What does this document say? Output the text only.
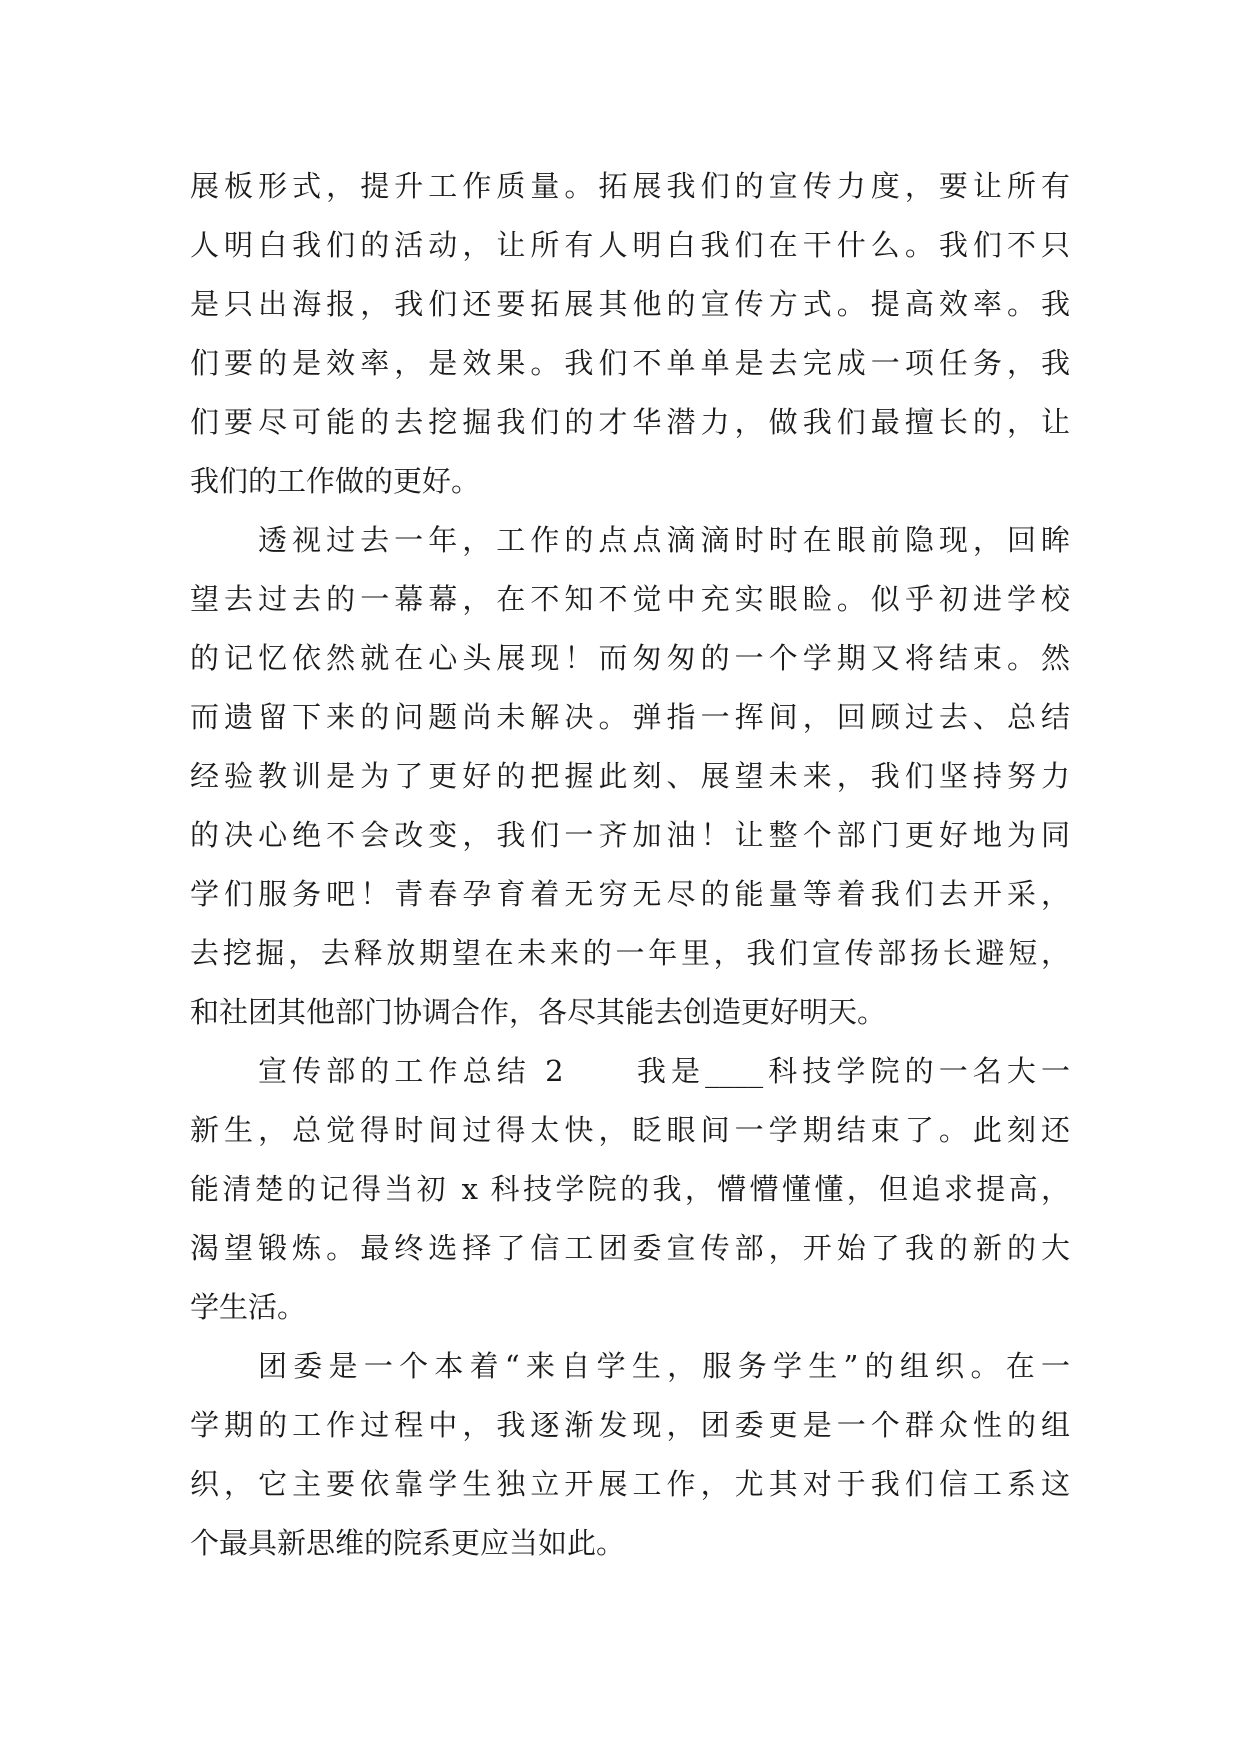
展板形式，提升工作质量。拓展我们的宣传力度，要让所有
人明白我们的活动，让所有人明白我们在干什么。我们不只
是只出海报，我们还要拓展其他的宣传方式。提高效率。我
们要的是效率，是效果。我们不单单是去完成一项任务，我
们要尽可能的去挖掘我们的才华潜力，做我们最擅长的，让
我们的工作做的更好。
透视过去一年，工作的点点滴滴时时在眼前隐现，回眸
望去过去的一幕幕，在不知不觉中充实眼睑。似乎初进学校
的记忆依然就在心头展现！而匆匆的一个学期又将结束。然
而遗留下来的问题尚未解决。弹指一挥间，回顾过去、总结
经验教训是为了更好的把握此刻、展望未来，我们坚持努力
的决心绝不会改变，我们一齐加油！让整个部门更好地为同
学们服务吧！青春孕育着无穷无尽的能量等着我们去开采，
去挖掘，去释放期望在未来的一年里，我们宣传部扬长避短，
和社团其他部门协调合作，各尽其能去创造更好明天。
宣传部的工作总结 2　　我是____科技学院的一名大一
新生，总觉得时间过得太快，眨眼间一学期结束了。此刻还
能清楚的记得当初 x 科技学院的我，懵懵懂懂，但追求提高，
渴望锻炼。最终选择了信工团委宣传部，开始了我的新的大
学生活。
团委是一个本着“来自学生，服务学生”的组织。在一
学期的工作过程中，我逐渐发现，团委更是一个群众性的组
织，它主要依靠学生独立开展工作，尤其对于我们信工系这
个最具新思维的院系更应当如此。
